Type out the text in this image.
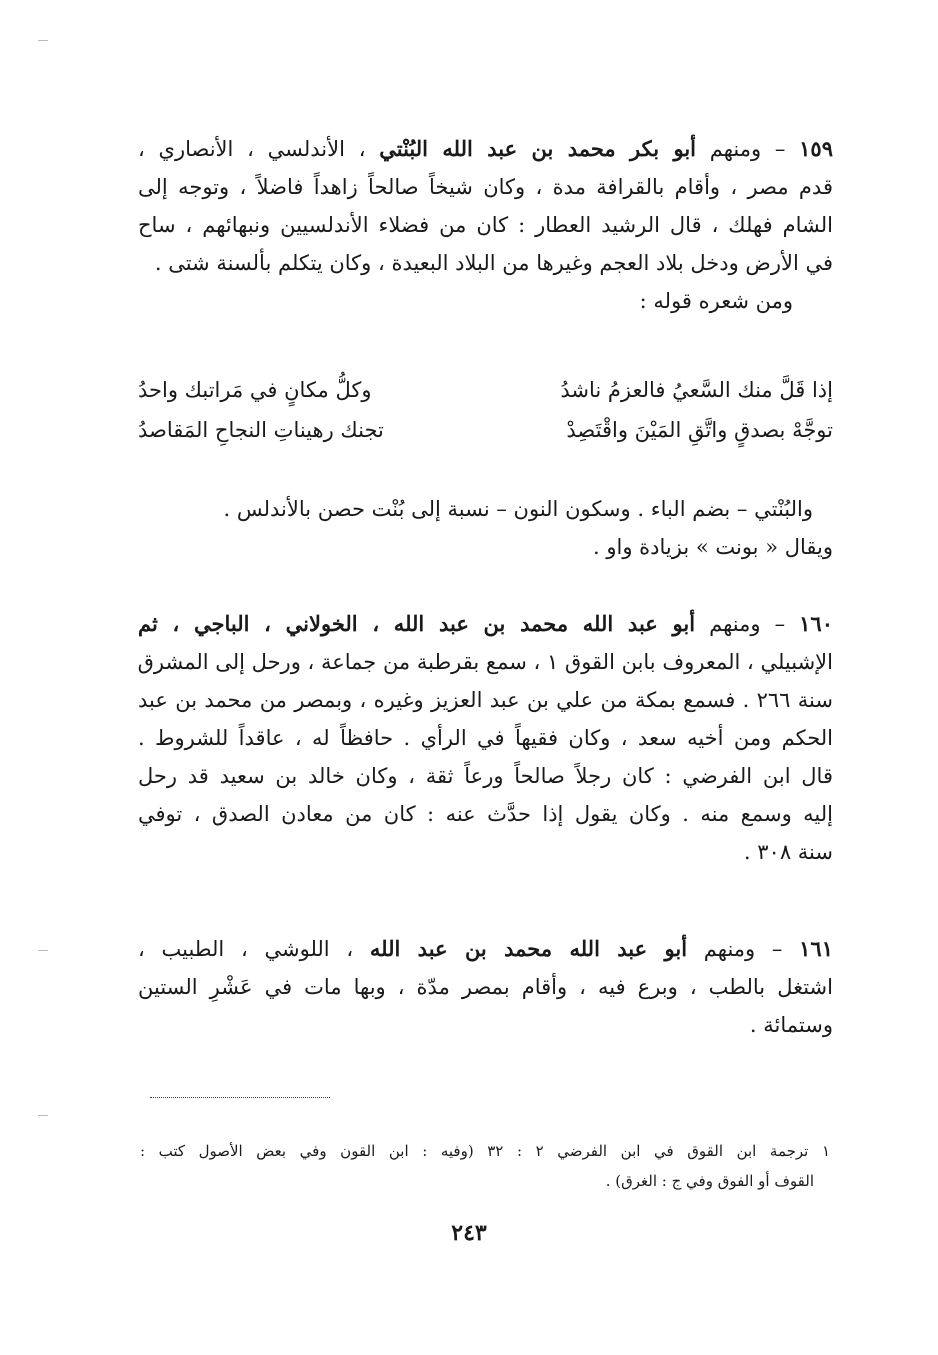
١٥٩ – ومنهم أبو بكر محمد بن عبد الله البُنْتي ، الأندلسي ، الأنصاري ،
قدم مصر ، وأقام بالقرافة مدة ، وكان شيخاً صالحاً زاهداً فاضلاً ، وتوجه إلى
الشام فهلك ، قال الرشيد العطار : كان من فضلاء الأندلسيين ونبهائهم ، ساح
في الأرض ودخل بلاد العجم وغيرها من البلاد البعيدة ، وكان يتكلم بألسنة شتى .
ومن شعره قوله :
إذا قَلَّ منك السَّعيُ فالعزمُ ناشدُ
وكلُّ مكانٍ في مَراتبك واحدُ
توجَّهْ بصدقٍ واتَّقِ المَيْنَ واقْتَصِدْ
تجنك رهيناتِ النجاحِ المَقاصدُ
والبُنْتي – بضم الباء . وسكون النون – نسبة إلى بُنْت حصن بالأندلس .
ويقال « بونت » بزيادة واو .
١٦٠ – ومنهم أبو عبد الله محمد بن عبد الله ، الخولاني ، الباجي ، ثم
الإشبيلي ، المعروف بابن القوق ١ ، سمع بقرطبة من جماعة ، ورحل إلى المشرق
سنة ٢٦٦ . فسمع بمكة من علي بن عبد العزيز وغيره ، وبمصر من محمد بن عبد
الحكم ومن أخيه سعد ، وكان فقيهاً في الرأي . حافظاً له ، عاقداً للشروط .
قال ابن الفرضي : كان رجلاً صالحاً ورعاً ثقة ، وكان خالد بن سعيد قد رحل
إليه وسمع منه . وكان يقول إذا حدَّث عنه : كان من معادن الصدق ، توفي
سنة ٣٠٨ .
١٦١ – ومنهم أبو عبد الله محمد بن عبد الله ، اللوشي ، الطبيب ،
اشتغل بالطب ، وبرع فيه ، وأقام بمصر مدّة ، وبها مات في عَشْرِ الستين
وستمائة .
١ ترجمة ابن القوق في ابن الفرضي ٢ : ٣٢ (وفيه : ابن القون وفي بعض الأصول كتب :
القوف أو الفوق وفي ج : الغرق) .
٢٤٣
